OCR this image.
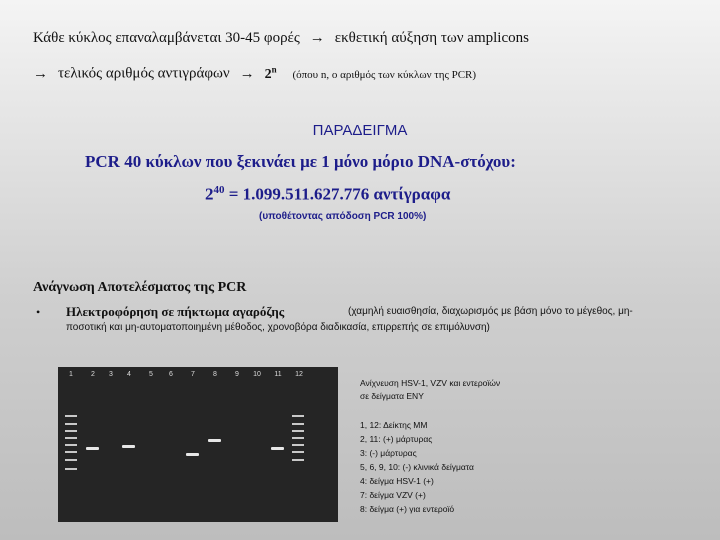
Κάθε κύκλος επαναλαμβάνεται 30-45 φορές → εκθετική αύξηση των amplicons
→ τελικός αριθμός $\alpha\nu\tau\iota\gamma\rho ά\varphi\omega\nu \to 2^n$ (όπου n, ο αριθμός των κύκλων της PCR)
ΠΑΡΑΔΕΙΓΜΑ
PCR 40 κύκλων που ξεκινάει με 1 μόνο μόριο DNA-στόχου:
$2^{40} = 1.099.511.627.776$ αντίγραφα
(υποθέτοντας απόδοση PCR 100%)
Ανάγνωση Αποτελέσματος της PCR
• Ηλεκτροφόρηση σε πήκτωμα αγαρόζης	(χαμηλή ευαισθησία, διαχωρισμός με βάση μόνο το μέγεθος, μη-
ποσοτική και μη-αυτοματοποιημένη μέθοδος, χρονοβόρα διαδικασία, επιρρεπής σε επιμόλυνση)
1	2	3	4	5	6	7	8	9	10	11	12
Ανίχνευση HSV-1, VZV και εντεροϊών
σε δείγματα ΕΝΥ
1, 12: Δείκτης ΜΜ
2, 11: (+) μάρτυρας
3: (-) μάρτυρας
5, 6, 9, 10: (-) κλινικά δείγματα
4: δείγμα HSV-1 (+)
7: δείγμα VZV (+)
8: δείγμα (+) για εντεροϊό
